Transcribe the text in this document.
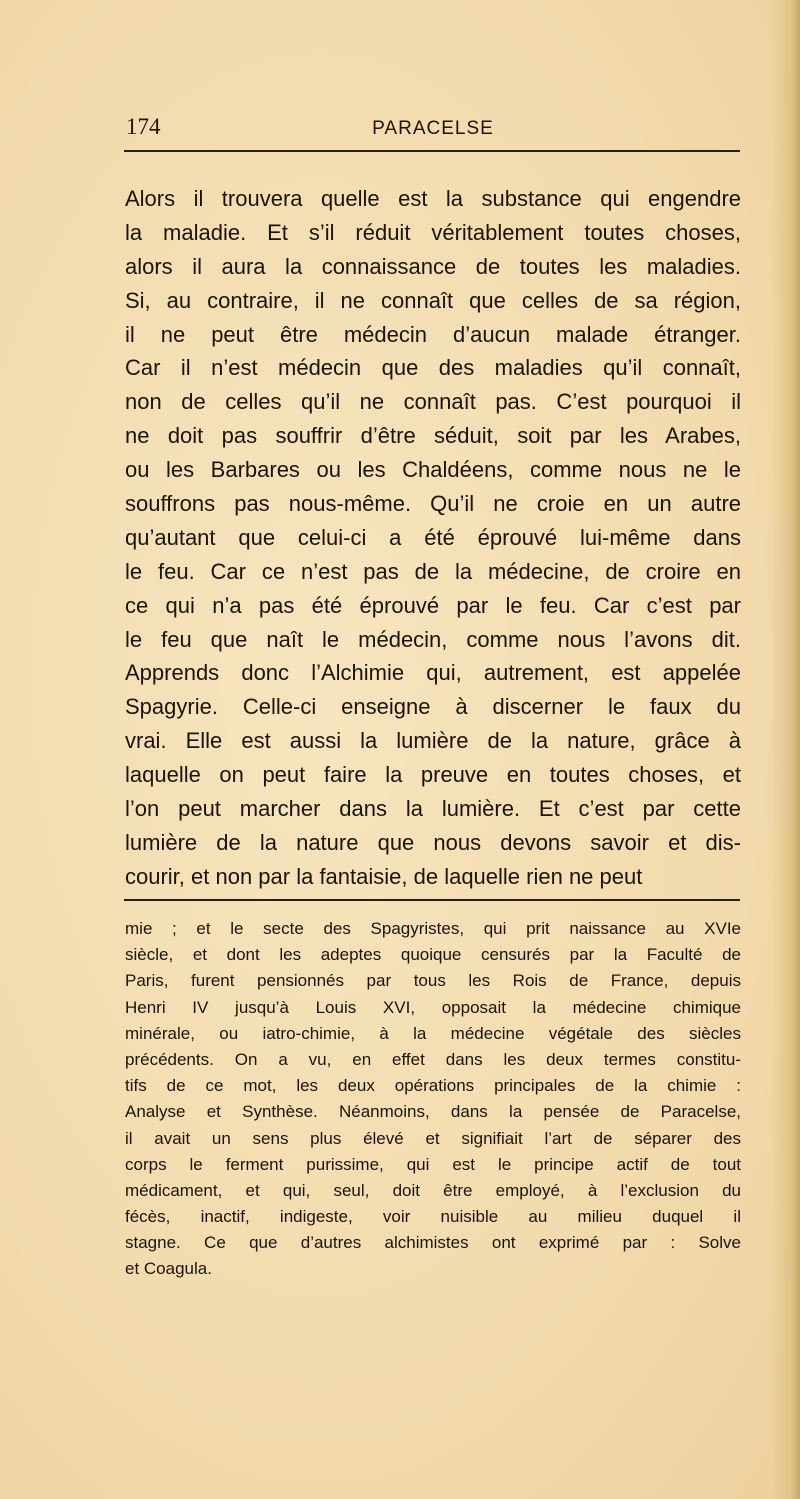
174	PARACELSE
Alors il trouvera quelle est la substance qui engendre
la maladie. Et s’il réduit véritablement toutes choses,
alors il aura la connaissance de toutes les maladies.
Si, au contraire, il ne connaît que celles de sa région,
il ne peut être médecin d’aucun malade étranger.
Car il n’est médecin que des maladies qu’il connaît,
non de celles qu’il ne connaît pas. C’est pourquoi il
ne doit pas souffrir d’être séduit, soit par les Arabes,
ou les Barbares ou les Chaldéens, comme nous ne le
souffrons pas nous-même. Qu’il ne croie en un autre
qu’autant que celui-ci a été éprouvé lui-même dans
le feu. Car ce n’est pas de la médecine, de croire en
ce qui n’a pas été éprouvé par le feu. Car c’est par
le feu que naît le médecin, comme nous l’avons dit.
Apprends donc l’Alchimie qui, autrement, est appelée
Spagyrie. Celle-ci enseigne à discerner le faux du
vrai. Elle est aussi la lumière de la nature, grâce à
laquelle on peut faire la preuve en toutes choses, et
l’on peut marcher dans la lumière. Et c’est par cette
lumière de la nature que nous devons savoir et dis-
courir, et non par la fantaisie, de laquelle rien ne peut
mie ; et le secte des Spagyristes, qui prit naissance au XVIe
siècle, et dont les adeptes quoique censurés par la Faculté de
Paris, furent pensionnés par tous les Rois de France, depuis
Henri IV jusqu’à Louis XVI, opposait la médecine chimique
minérale, ou iatro-chimie, à la médecine végétale des siècles
précédents. On a vu, en effet dans les deux termes constitu-
tifs de ce mot, les deux opérations principales de la chimie :
Analyse et Synthèse. Néanmoins, dans la pensée de Paracelse,
il avait un sens plus élevé et signifiait l’art de séparer des
corps le ferment purissime, qui est le principe actif de tout
médicament, et qui, seul, doit être employé, à l’exclusion du
fécès, inactif, indigeste, voir nuisible au milieu duquel il
stagne. Ce que d’autres alchimistes ont exprimé par : Solve
et Coagula.
